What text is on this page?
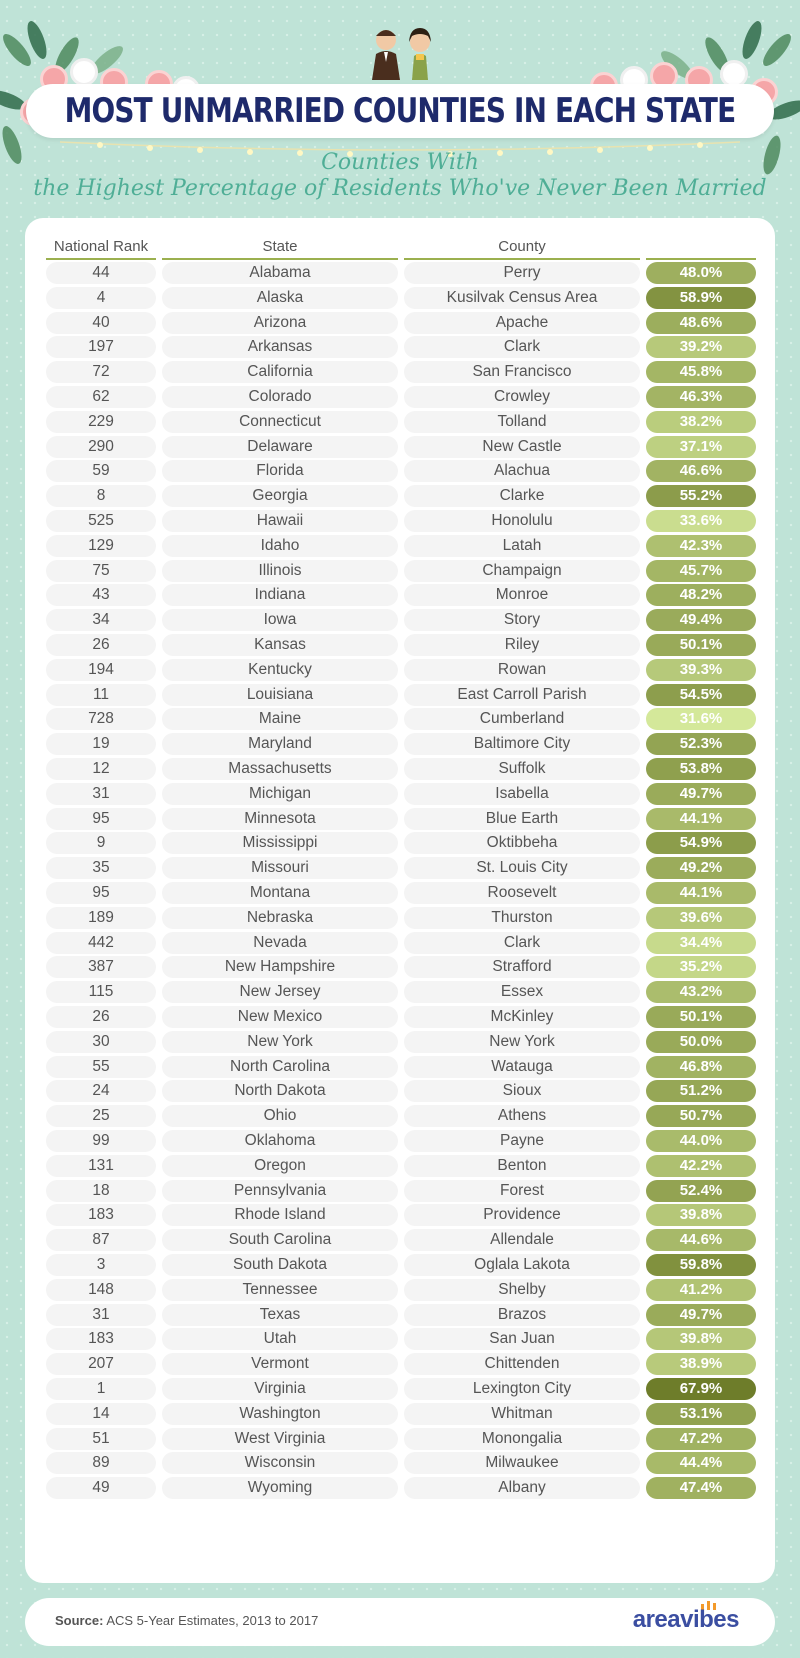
MOST UNMARRIED COUNTIES IN EACH STATE
Counties With
the Highest Percentage of Residents Who've Never Been Married
National Rank	State	County
44	Alabama	Perry	48.0%
4	Alaska	Kusilvak Census Area	58.9%
40	Arizona	Apache	48.6%
197	Arkansas	Clark	39.2%
72	California	San Francisco	45.8%
62	Colorado	Crowley	46.3%
229	Connecticut	Tolland	38.2%
290	Delaware	New Castle	37.1%
59	Florida	Alachua	46.6%
8	Georgia	Clarke	55.2%
525	Hawaii	Honolulu	33.6%
129	Idaho	Latah	42.3%
75	Illinois	Champaign	45.7%
43	Indiana	Monroe	48.2%
34	Iowa	Story	49.4%
26	Kansas	Riley	50.1%
194	Kentucky	Rowan	39.3%
11	Louisiana	East Carroll Parish	54.5%
728	Maine	Cumberland	31.6%
19	Maryland	Baltimore City	52.3%
12	Massachusetts	Suffolk	53.8%
31	Michigan	Isabella	49.7%
95	Minnesota	Blue Earth	44.1%
9	Mississippi	Oktibbeha	54.9%
35	Missouri	St. Louis City	49.2%
95	Montana	Roosevelt	44.1%
189	Nebraska	Thurston	39.6%
442	Nevada	Clark	34.4%
387	New Hampshire	Strafford	35.2%
115	New Jersey	Essex	43.2%
26	New Mexico	McKinley	50.1%
30	New York	New York	50.0%
55	North Carolina	Watauga	46.8%
24	North Dakota	Sioux	51.2%
25	Ohio	Athens	50.7%
99	Oklahoma	Payne	44.0%
131	Oregon	Benton	42.2%
18	Pennsylvania	Forest	52.4%
183	Rhode Island	Providence	39.8%
87	South Carolina	Allendale	44.6%
3	South Dakota	Oglala Lakota	59.8%
148	Tennessee	Shelby	41.2%
31	Texas	Brazos	49.7%
183	Utah	San Juan	39.8%
207	Vermont	Chittenden	38.9%
1	Virginia	Lexington City	67.9%
14	Washington	Whitman	53.1%
51	West Virginia	Monongalia	47.2%
89	Wisconsin	Milwaukee	44.4%
49	Wyoming	Albany	47.4%
Source: ACS 5-Year Estimates, 2013 to 2017	areavibes
